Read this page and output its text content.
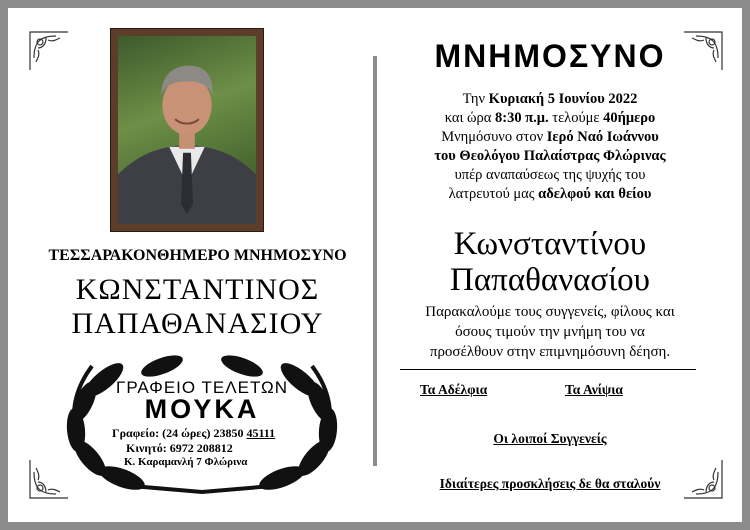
ΤΕΣΣΑΡΑΚΟΝΘΗΜΕΡΟ ΜΝΗΜΟΣΥΝΟ
ΚΩΝΣΤΑΝΤΙΝΟΣ
ΠΑΠΑΘΑΝΑΣΙΟΥ
ΓΡΑΦΕΙΟ ΤΕΛΕΤΩΝ
ΜΟΥΚΑ
Γραφείο: (24 ώρες) 23850 45111
Κινητό: 6972 208812
Κ. Καραμανλή 7 Φλώρινα
ΜΝΗΜΟΣΥΝΟ
Την Κυριακή 5 Ιουνίου 2022
και ώρα 8:30 π.μ. τελούμε 40ήμερο
Μνημόσυνο στον Ιερό Ναό Ιωάννου
του Θεολόγου Παλαίστρας Φλώρινας
υπέρ αναπαύσεως της ψυχής του
λατρευτού μας αδελφού και θείου
Κωνσταντίνου
Παπαθανασίου
Παρακαλούμε τους συγγενείς, φίλους και
όσους τιμούν την μνήμη του να
προσέλθουν στην επιμνημόσυνη δέηση.
Τα Αδέλφια	Τα Ανίψια
Οι λοιποί Συγγενείς
Ιδιαίτερες προσκλήσεις δε θα σταλούν
